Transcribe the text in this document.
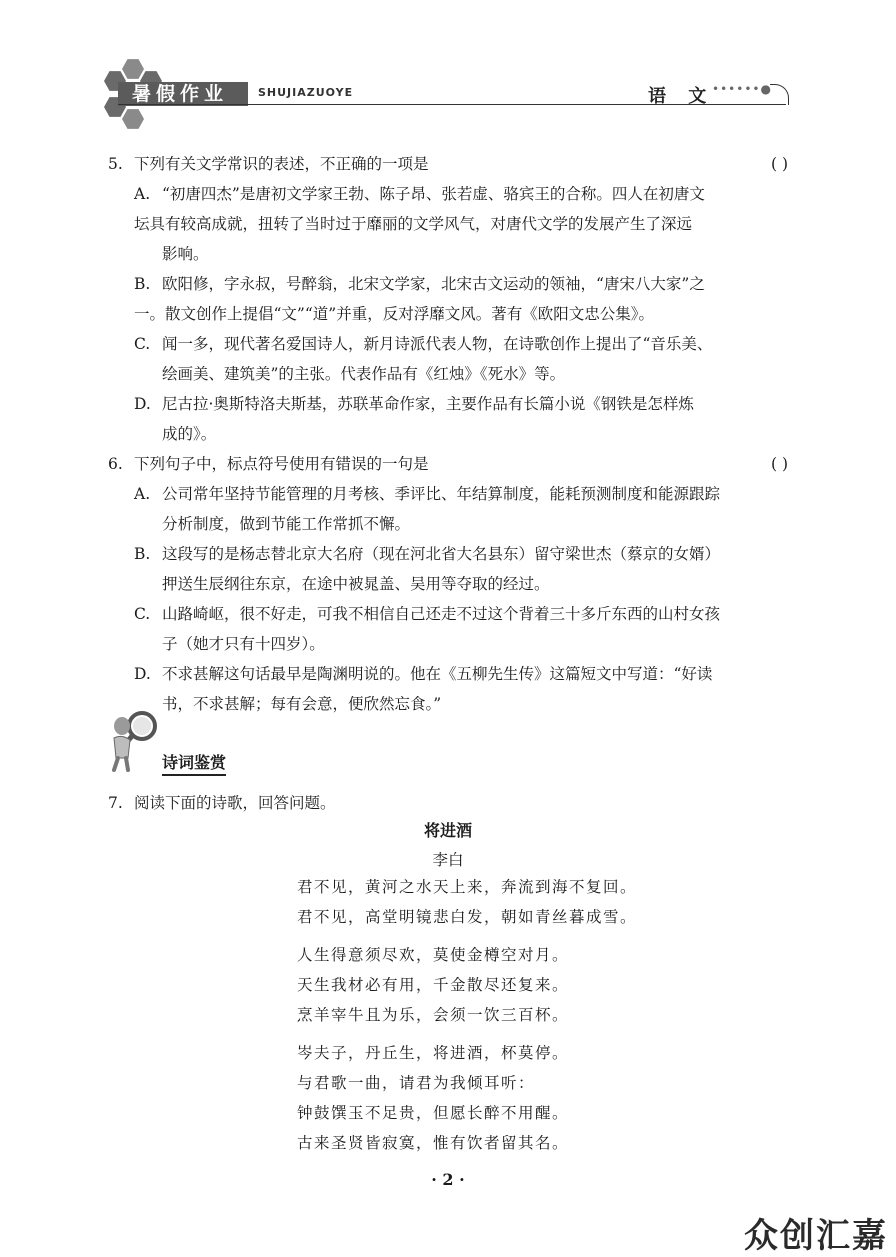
暑假作业	SHUJIAZUOYE	语 文
••••••●
5. 下列有关文学常识的表述，不正确的一项是	( )
A. “初唐四杰”是唐初文学家王勃、陈子昂、张若虚、骆宾王的合称。四人在初唐文
坛具有较高成就，扭转了当时过于靡丽的文学风气，对唐代文学的发展产生了深远
影响。
B. 欧阳修，字永叔，号醉翁，北宋文学家，北宋古文运动的领袖，“唐宋八大家”之
一。散文创作上提倡“文”“道”并重，反对浮靡文风。著有《欧阳文忠公集》。
C. 闻一多，现代著名爱国诗人，新月诗派代表人物，在诗歌创作上提出了“音乐美、
绘画美、建筑美”的主张。代表作品有《红烛》《死水》等。
D. 尼古拉·奥斯特洛夫斯基，苏联革命作家，主要作品有长篇小说《钢铁是怎样炼
成的》。
6. 下列句子中，标点符号使用有错误的一句是	( )
A. 公司常年坚持节能管理的月考核、季评比、年结算制度，能耗预测制度和能源跟踪
分析制度，做到节能工作常抓不懈。
B. 这段写的是杨志替北京大名府（现在河北省大名县东）留守梁世杰（蔡京的女婿）
押送生辰纲往东京，在途中被晁盖、吴用等夺取的经过。
C. 山路崎岖，很不好走，可我不相信自己还走不过这个背着三十多斤东西的山村女孩
子（她才只有十四岁）。
D. 不求甚解这句话最早是陶渊明说的。他在《五柳先生传》这篇短文中写道：“好读
书，不求甚解；每有会意，便欣然忘食。”
诗词鉴赏
7. 阅读下面的诗歌，回答问题。
将进酒
李白
君不见，黄河之水天上来，奔流到海不复回。
君不见，高堂明镜悲白发，朝如青丝暮成雪。
人生得意须尽欢，莫使金樽空对月。
天生我材必有用，千金散尽还复来。
烹羊宰牛且为乐，会须一饮三百杯。
岑夫子，丹丘生，将进酒，杯莫停。
与君歌一曲，请君为我倾耳听：
钟鼓馔玉不足贵，但愿长醉不用醒。
古来圣贤皆寂寞，惟有饮者留其名。
· 2 ·
众创汇嘉
